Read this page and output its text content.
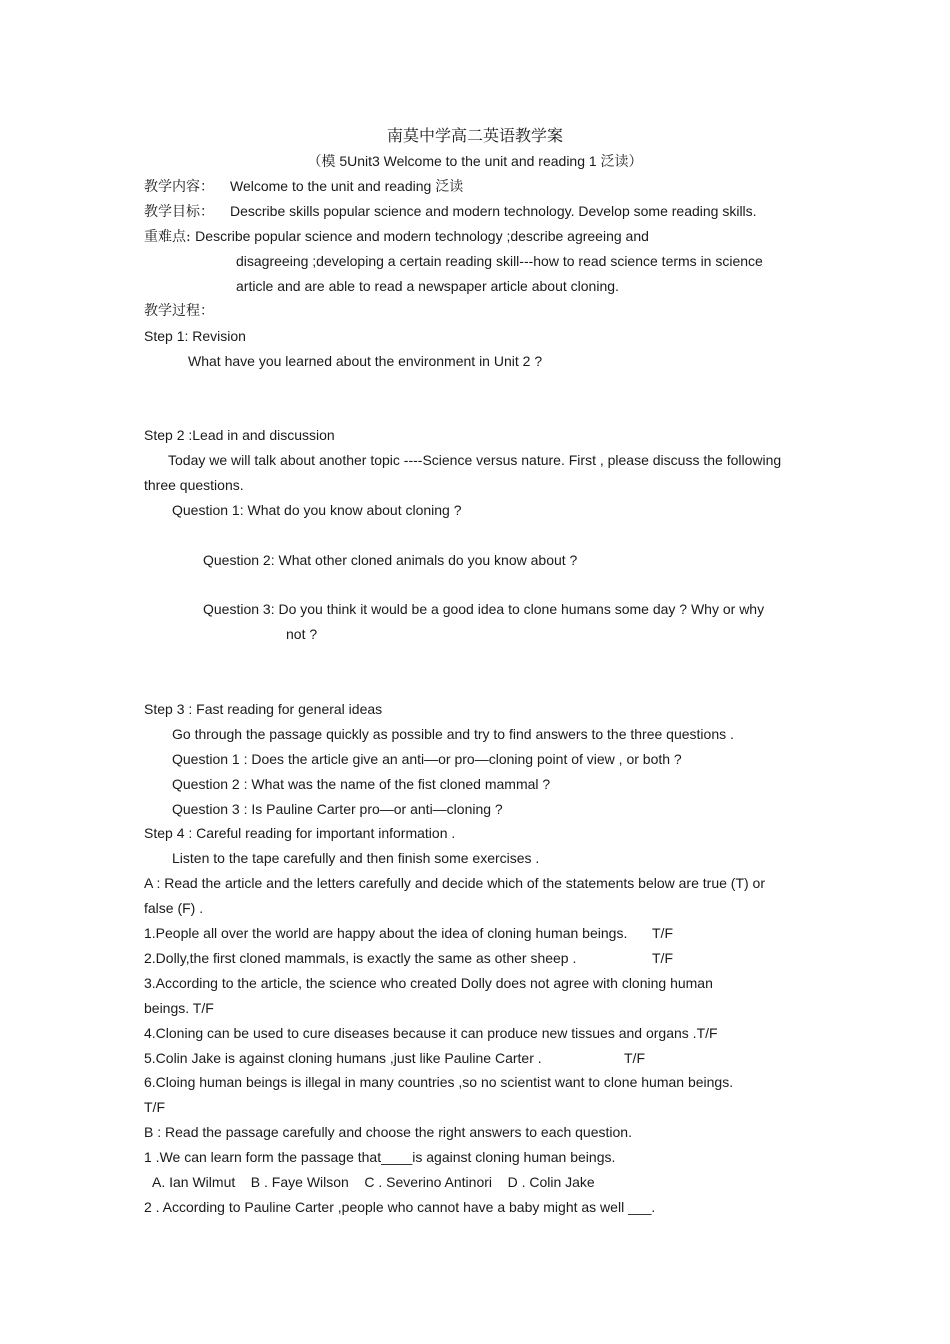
南莫中学高二英语教学案
（模 5Unit3 Welcome to the unit and reading 1 泛读）
教学内容： Welcome to the unit and reading 泛读
教学目标： Describe skills popular science and modern technology. Develop some reading skills.
重难点: Describe popular science and modern technology ;describe agreeing and
disagreeing ;developing a certain reading skill---how to read science terms in science
article and are able to read a newspaper article about cloning.
教学过程：
Step 1: Revision
What have you learned about the environment in Unit 2 ?
Step 2 :Lead in and discussion
Today we will talk about another topic ----Science versus nature. First , please discuss the following
three questions.
Question 1: What do you know about cloning ?
Question 2: What other cloned animals do you know about ?
Question 3: Do you think it would be a good idea to clone humans some day ? Why or why
not ?
Step 3 : Fast reading for general ideas
Go through the passage quickly as possible and try to find answers to the three questions .
Question 1 : Does the article give an anti—or pro—cloning point of view , or both ?
Question 2 : What was the name of the fist cloned mammal ?
Question 3 : Is Pauline Carter pro—or anti—cloning ?
Step 4 : Careful reading for important information .
Listen to the tape carefully and then finish some exercises .
A : Read the article and the letters carefully and decide which of the statements below are true (T) or
false (F) .
1.People all over the world are happy about the idea of cloning human beings. T/F
2.Dolly,the first cloned mammals, is exactly the same as other sheep .	T/F
3.According to the article, the science who created Dolly does not agree with cloning human
beings. T/F
4.Cloning can be used to cure diseases because it can produce new tissues and organs .T/F
5.Colin Jake is against cloning humans ,just like Pauline Carter .	T/F
6.Cloing human beings is illegal in many countries ,so no scientist want to clone human beings.
T/F
B : Read the passage carefully and choose the right answers to each question.
1 .We can learn form the passage that____is against cloning human beings.
A. Ian Wilmut    B . Faye Wilson    C . Severino Antinori    D . Colin Jake
2 . According to Pauline Carter ,people who cannot have a baby might as well ___.
